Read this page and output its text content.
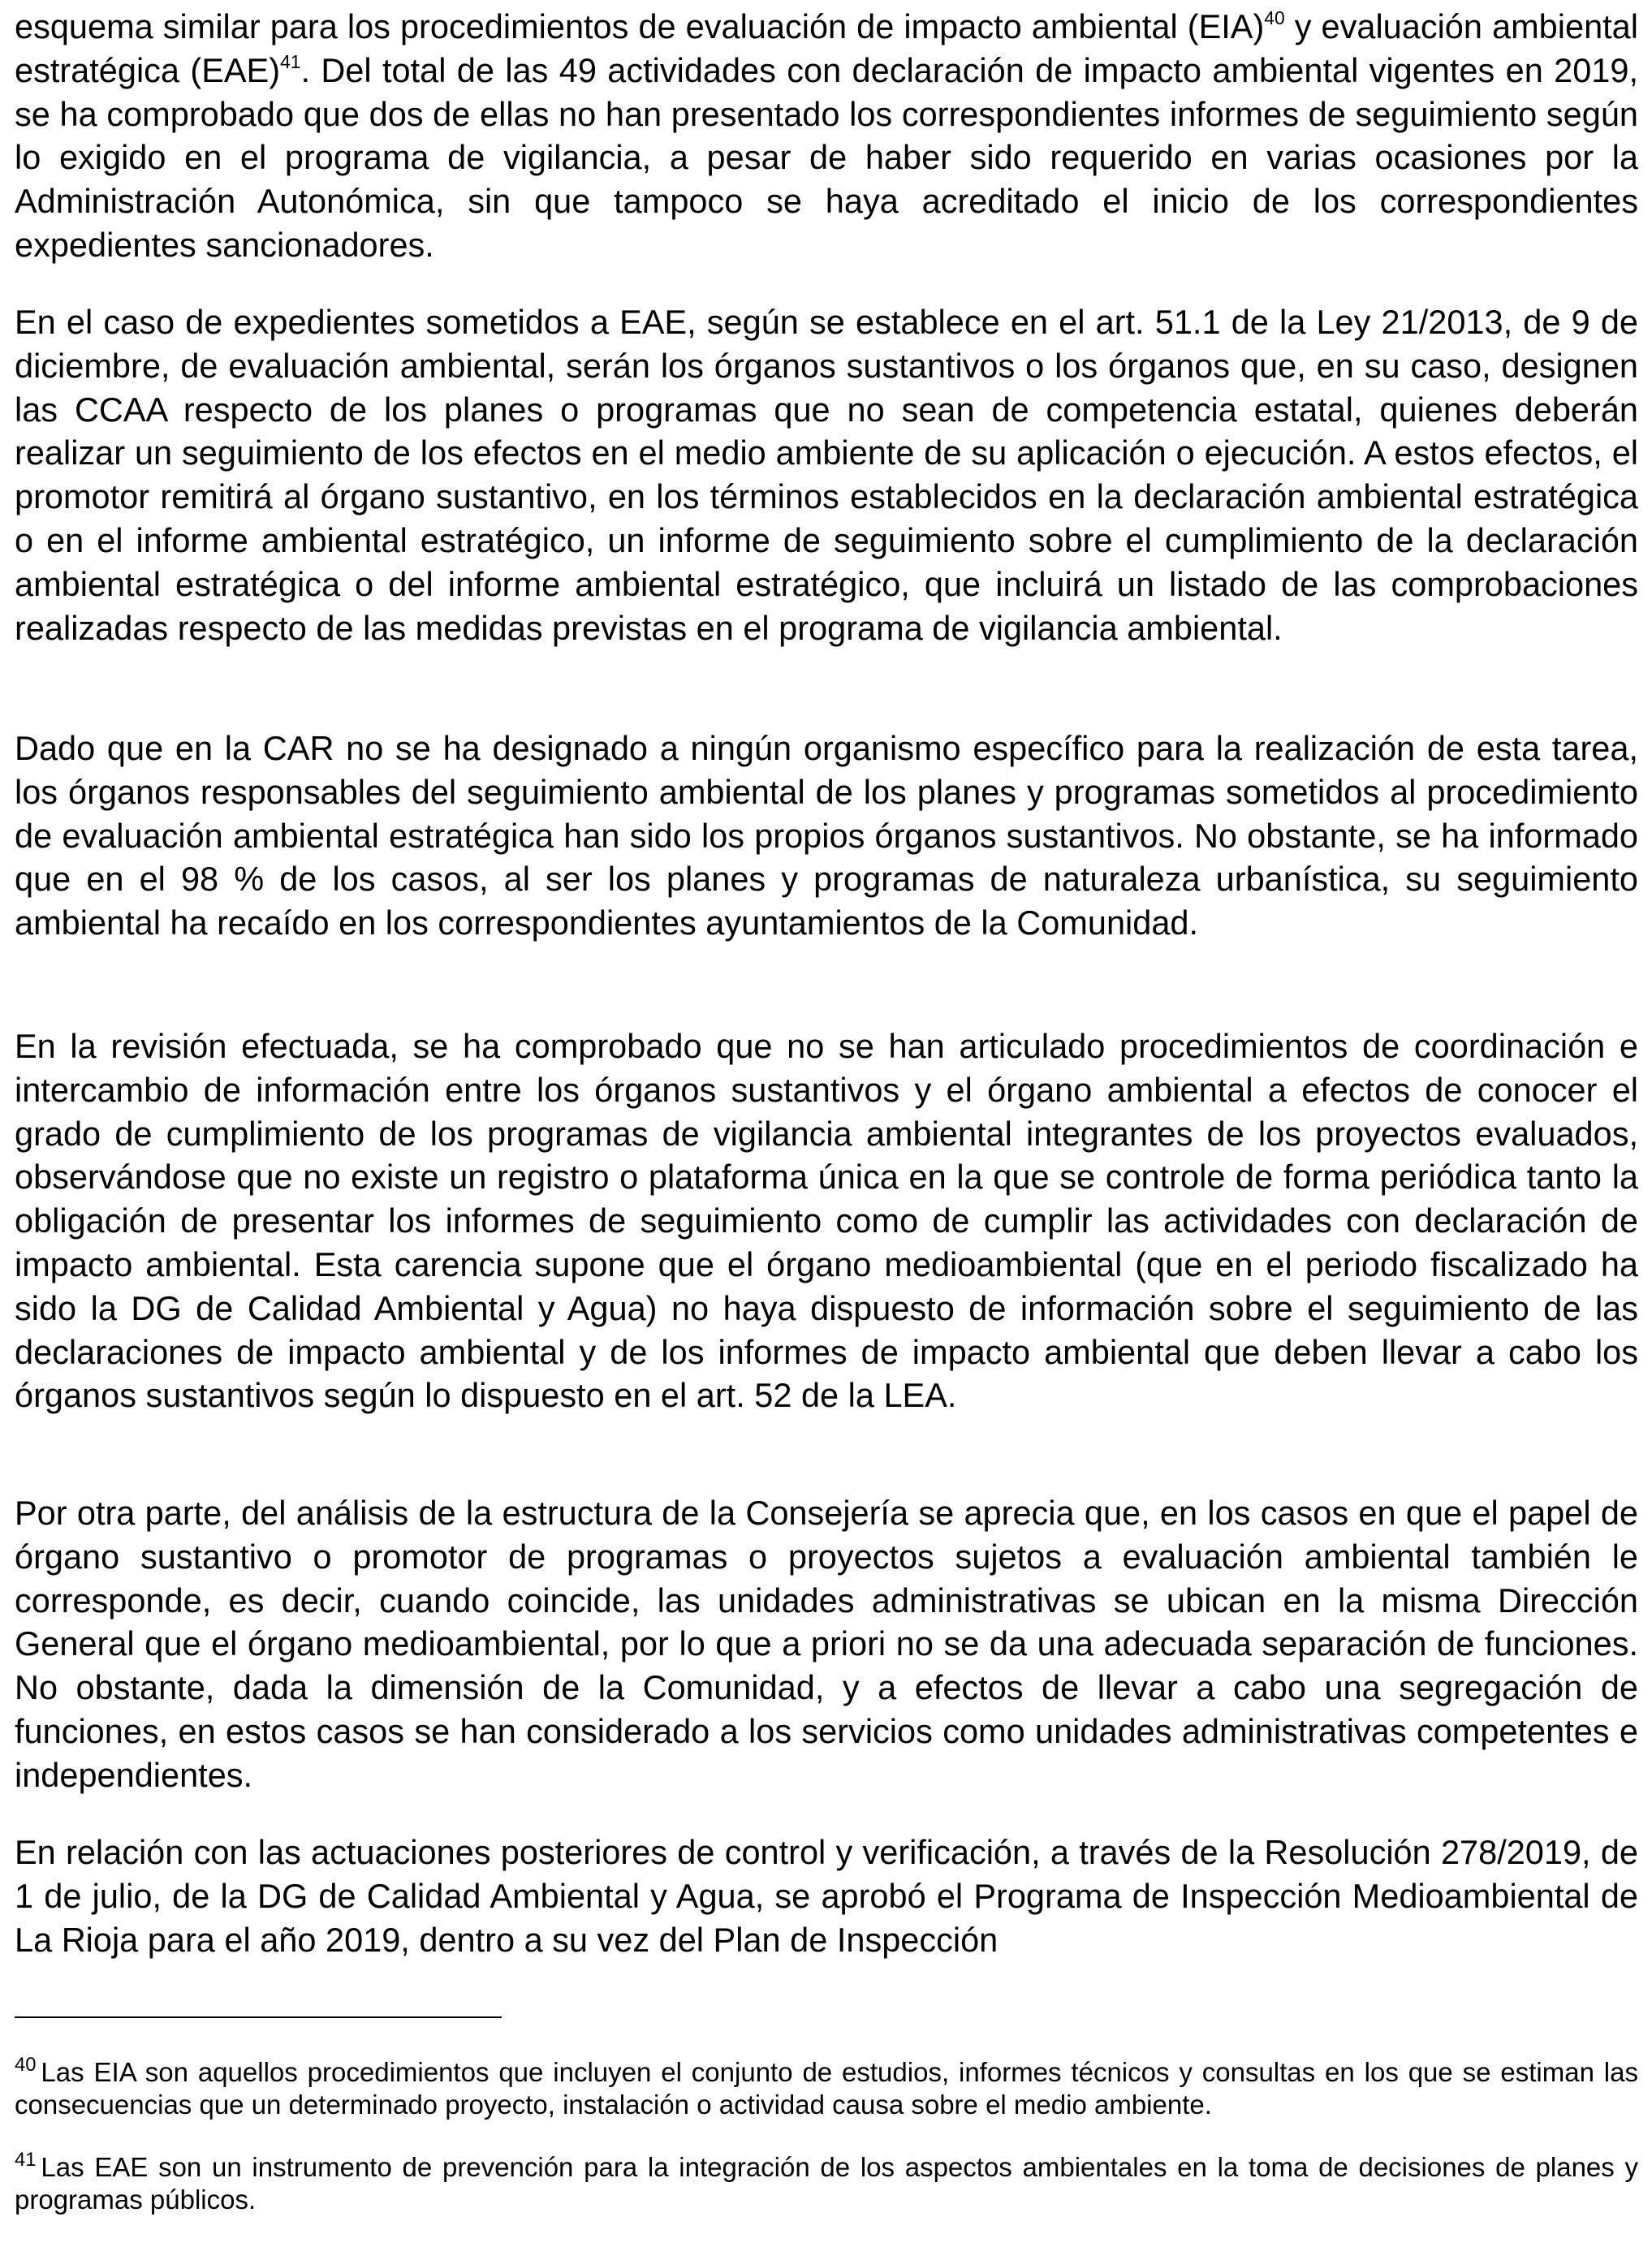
esquema similar para los procedimientos de evaluación de impacto ambiental (EIA)$^{40}$ y evaluación ambiental estratégica (EAE)$^{41}$. Del total de las 49 actividades con declaración de impacto ambiental vigentes en 2019, se ha comprobado que dos de ellas no han presentado los correspondientes informes de seguimiento según lo exigido en el programa de vigilancia, a pesar de haber sido requerido en varias ocasiones por la Administración Autonómica, sin que tampoco se haya acreditado el inicio de los correspondientes expedientes sancionadores.

En el caso de expedientes sometidos a EAE, según se establece en el art. 51.1 de la Ley 21/2013, de 9 de diciembre, de evaluación ambiental, serán los órganos sustantivos o los órganos que, en su caso, designen las CCAA respecto de los planes o programas que no sean de competencia estatal, quienes deberán realizar un seguimiento de los efectos en el medio ambiente de su aplicación o ejecución. A estos efectos, el promotor remitirá al órgano sustantivo, en los términos establecidos en la declaración ambiental estratégica o en el informe ambiental estratégico, un informe de seguimiento sobre el cumplimiento de la declaración ambiental estratégica o del informe ambiental estratégico, que incluirá un listado de las comprobaciones realizadas respecto de las medidas previstas en el programa de vigilancia ambiental.

Dado que en la CAR no se ha designado a ningún organismo específico para la realización de esta tarea, los órganos responsables del seguimiento ambiental de los planes y programas sometidos al procedimiento de evaluación ambiental estratégica han sido los propios órganos sustantivos. No obstante, se ha informado que en el 98 % de los casos, al ser los planes y programas de naturaleza urbanística, su seguimiento ambiental ha recaído en los correspondientes ayuntamientos de la Comunidad.

En la revisión efectuada, se ha comprobado que no se han articulado procedimientos de coordinación e intercambio de información entre los órganos sustantivos y el órgano ambiental a efectos de conocer el grado de cumplimiento de los programas de vigilancia ambiental integrantes de los proyectos evaluados, observándose que no existe un registro o plataforma única en la que se controle de forma periódica tanto la obligación de presentar los informes de seguimiento como de cumplir las actividades con declaración de impacto ambiental. Esta carencia supone que el órgano medioambiental (que en el periodo fiscalizado ha sido la DG de Calidad Ambiental y Agua) no haya dispuesto de información sobre el seguimiento de las declaraciones de impacto ambiental y de los informes de impacto ambiental que deben llevar a cabo los órganos sustantivos según lo dispuesto en el art. 52 de la LEA.

Por otra parte, del análisis de la estructura de la Consejería se aprecia que, en los casos en que el papel de órgano sustantivo o promotor de programas o proyectos sujetos a evaluación ambiental también le corresponde, es decir, cuando coincide, las unidades administrativas se ubican en la misma Dirección General que el órgano medioambiental, por lo que a priori no se da una adecuada separación de funciones. No obstante, dada la dimensión de la Comunidad, y a efectos de llevar a cabo una segregación de funciones, en estos casos se han considerado a los servicios como unidades administrativas competentes e independientes.

En relación con las actuaciones posteriores de control y verificación, a través de la Resolución 278/2019, de 1 de julio, de la DG de Calidad Ambiental y Agua, se aprobó el Programa de Inspección Medioambiental de La Rioja para el año 2019, dentro a su vez del Plan de Inspección

$^{40}$ Las EIA son aquellos procedimientos que incluyen el conjunto de estudios, informes técnicos y consultas en los que se estiman las consecuencias que un determinado proyecto, instalación o actividad causa sobre el medio ambiente.

$^{41}$ Las EAE son un instrumento de prevención para la integración de los aspectos ambientales en la toma de decisiones de planes y programas públicos.
